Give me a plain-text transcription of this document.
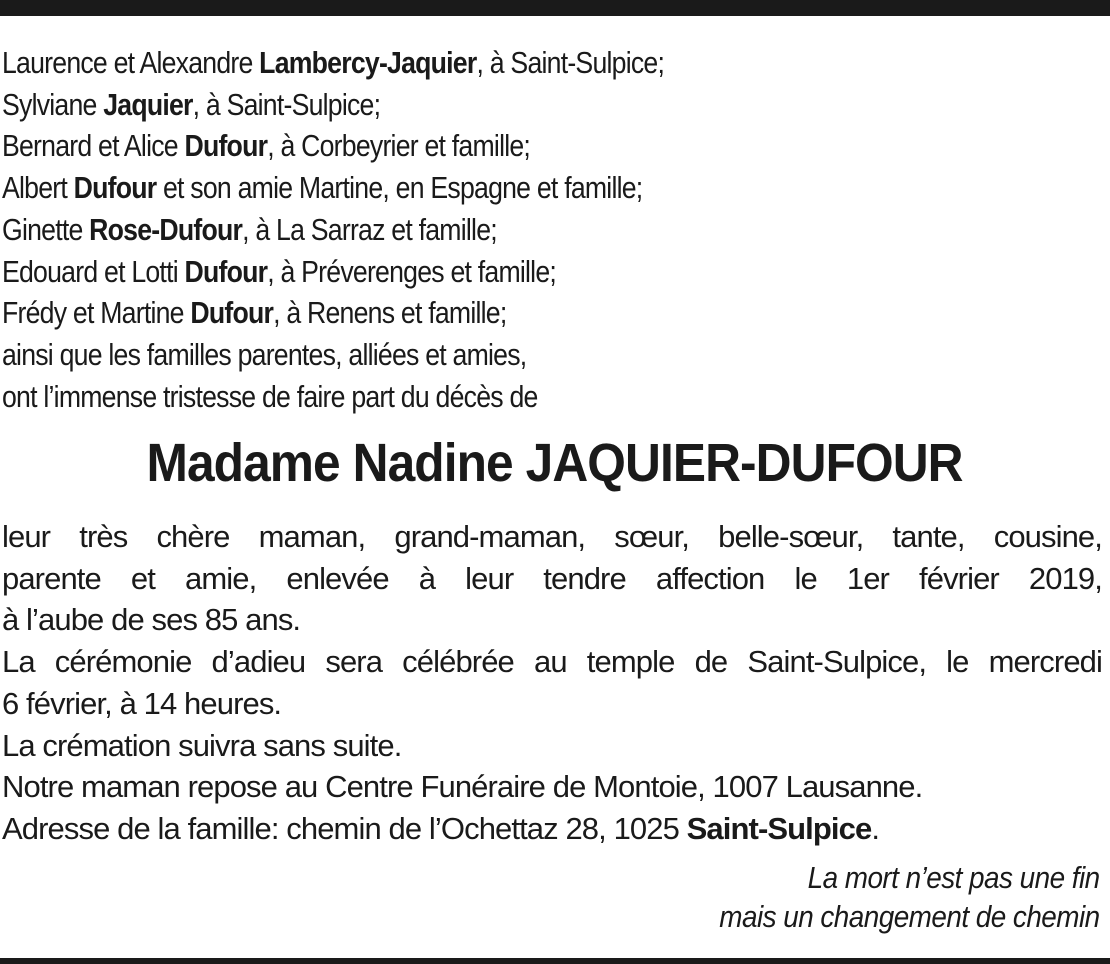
Laurence et Alexandre Lambercy-Jaquier, à Saint-Sulpice;
Sylviane Jaquier, à Saint-Sulpice;
Bernard et Alice Dufour, à Corbeyrier et famille;
Albert Dufour et son amie Martine, en Espagne et famille;
Ginette Rose-Dufour, à La Sarraz et famille;
Edouard et Lotti Dufour, à Préverenges et famille;
Frédy et Martine Dufour, à Renens et famille;
ainsi que les familles parentes, alliées et amies,
ont l’immense tristesse de faire part du décès de
Madame Nadine JAQUIER-DUFOUR
leur très chère maman, grand-maman, sœur, belle-sœur, tante, cousine,
parente et amie, enlevée à leur tendre affection le 1er février 2019,
à l’aube de ses 85 ans.
La cérémonie d’adieu sera célébrée au temple de Saint-Sulpice, le mercredi
6 février, à 14 heures.
La crémation suivra sans suite.
Notre maman repose au Centre Funéraire de Montoie, 1007 Lausanne.
Adresse de la famille: chemin de l’Ochettaz 28, 1025 Saint-Sulpice.
La mort n’est pas une fin
mais un changement de chemin
